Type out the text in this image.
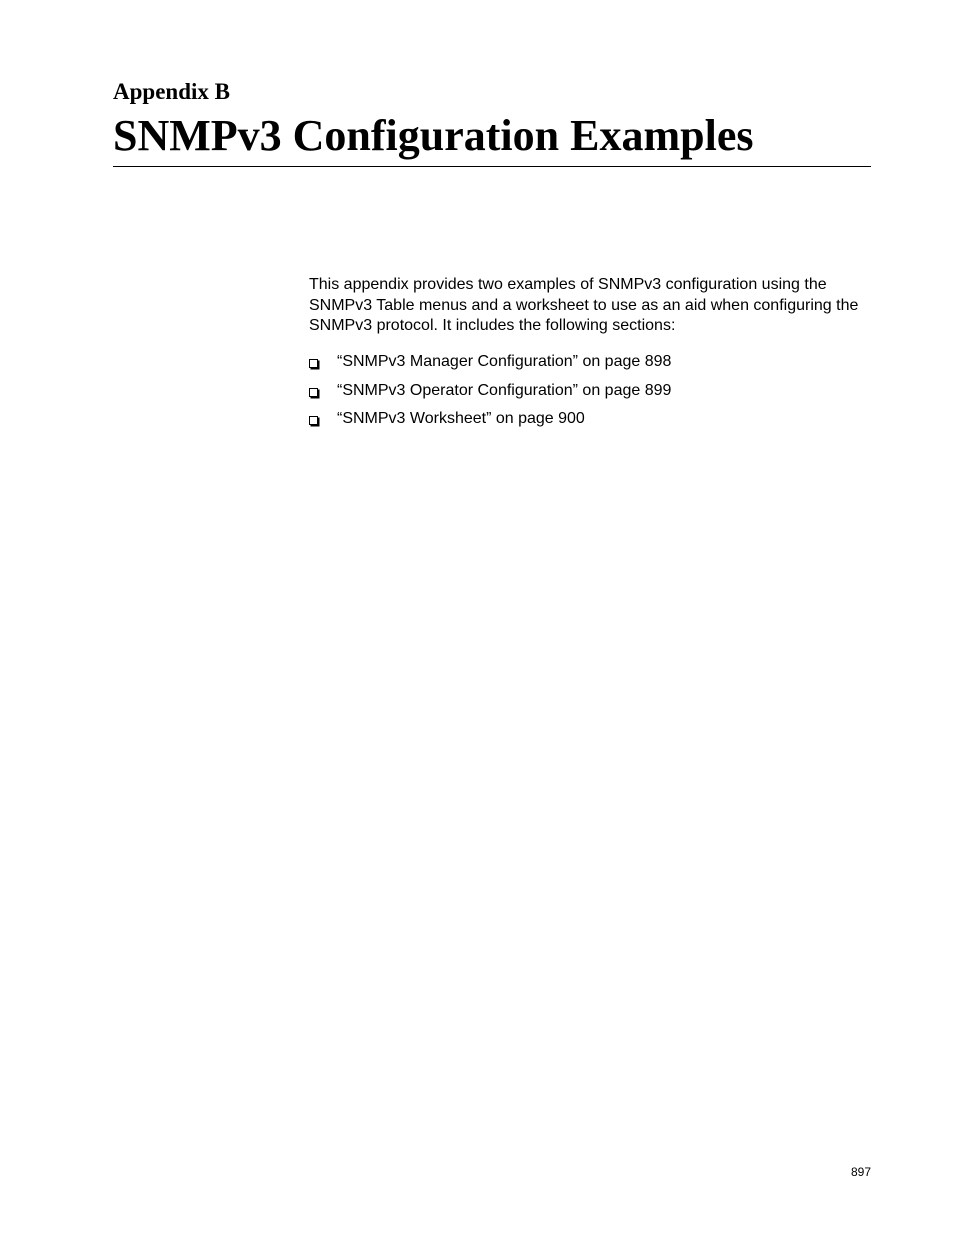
Appendix B
SNMPv3 Configuration Examples

This appendix provides two examples of SNMPv3 configuration using the SNMPv3 Table menus and a worksheet to use as an aid when configuring the SNMPv3 protocol. It includes the following sections:

“SNMPv3 Manager Configuration” on page 898
“SNMPv3 Operator Configuration” on page 899
“SNMPv3 Worksheet” on page 900
897
